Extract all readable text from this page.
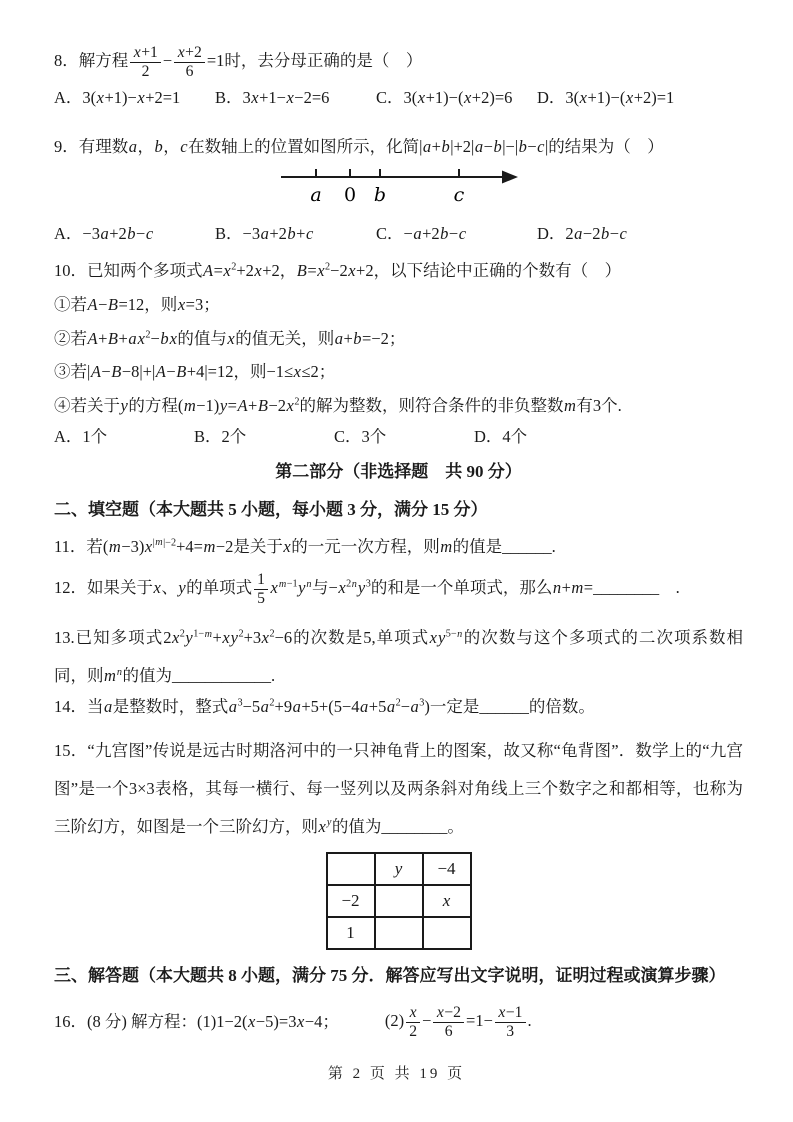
8．解方程 $\frac{x+1}{2} - \frac{x+2}{6} =1$时，去分母正确的是（　）

A．3(x+1)−x+2=1	B．3x+1−x−2=6	C．3(x+1)−(x+2)=6	D．3(x+1)−(x+2)=1

9．有理数a，b，c在数轴上的位置如图所示，化简|a+b|+2|a−b|−|b−c|的结果为（　）

a 0 b	c
A．−3a+2b−c	B．−3a+2b+c	C．−a+2b−c	D．2a−2b−c

10．已知两个多项式$A=x^2+2x+2$，$B=x^2-2x+2$，以下结论中正确的个数有（　）

①若A−B=12，则x=3；

②若$A+B+ax^2-bx$的值与x的值无关，则a+b=−2；

③若|A−B−8|+|A−B+4|=12，则−1≤x≤2；

④若关于y的方程$(m-1)y=A+B-2x^2$的解为整数，则符合条件的非负整数m有3个.

A．1个	B．2个	C．3个	D．4个

第二部分（非选择题　共 90 分）

二、填空题（本大题共 5 小题，每小题 3 分，满分 15 分）

11．若$(m-3)x^{|m|-2}+4=m-2$是关于x的一元一次方程，则m的值是______.

12．如果关于x、y的单项式 $\frac{1}{5} x^{m-1}y^n$与$-x^{2n}y^3$的和是一个单项式，那么n+m=________　.

13.已知多项式$2x^2y^{1-m}+xy^2+3x^2-6$的次数是5,单项式$xy^{5-n}$的次数与这个多项式的二次项系数相同，则$m^n$的值为____________.

14．当a是整数时，整式$a^3-5a^2+9a+5+(5-4a+5a^2-a^3)$一定是______的倍数。

15．“九宫图”传说是远古时期洛河中的一只神龟背上的图案，故又称“龟背图”．数学上的“九宫图”是一个3×3表格，其每一横行、每一竖列以及两条斜对角线上三个数字之和都相等，也称为三阶幻方，如图是一个三阶幻方，则$x^y$的值为________。

	y	−4
−2		x
1		

三、解答题（本大题共 8 小题，满分 75 分．解答应写出文字说明，证明过程或演算步骤）

16．(8 分) 解方程： (1)1−2(x−5)=3x−4；	$(2) \frac{x}{2} - \frac{x-2}{6} =1- \frac{x-1}{3}$ .
第 2 页 共 19 页
